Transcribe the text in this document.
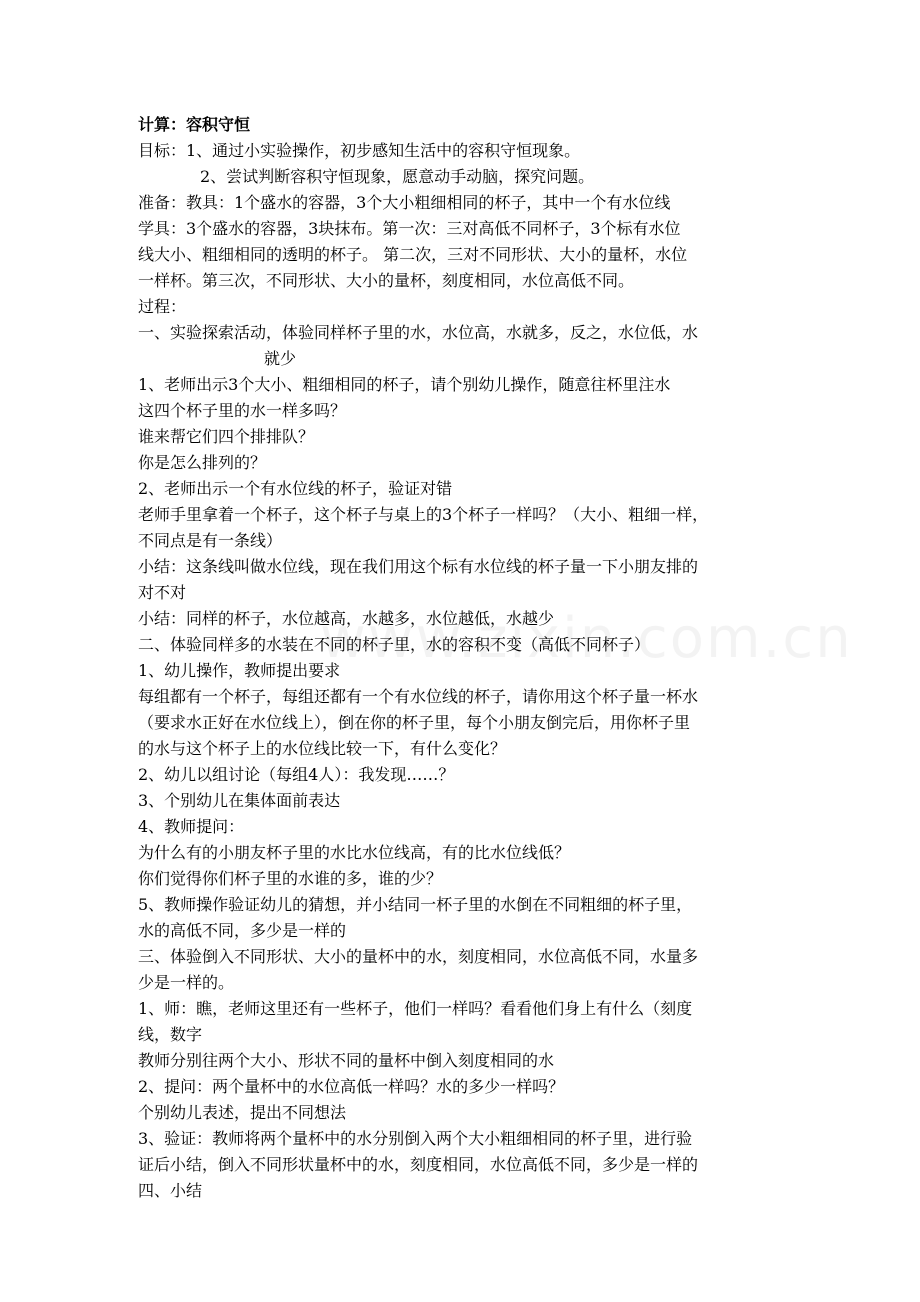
计算：容积守恒
目标：1、通过小实验操作，初步感知生活中的容积守恒现象。
2、尝试判断容积守恒现象，愿意动手动脑，探究问题。
准备：教具：1个盛水的容器，3个大小粗细相同的杯子，其中一个有水位线
学具：3个盛水的容器，3块抹布。第一次：三对高低不同杯子，3个标有水位
线大小、粗细相同的透明的杯子。 第二次，三对不同形状、大小的量杯，水位
一样杯。第三次，不同形状、大小的量杯，刻度相同，水位高低不同。
过程：
一、实验探索活动，体验同样杯子里的水，水位高，水就多，反之，水位低，水
就少
1、老师出示3个大小、粗细相同的杯子，请个别幼儿操作，随意往杯里注水
这四个杯子里的水一样多吗？
谁来帮它们四个排排队？
你是怎么排列的？
2、老师出示一个有水位线的杯子，验证对错
老师手里拿着一个杯子，这个杯子与桌上的3个杯子一样吗？（大小、粗细一样，
不同点是有一条线）
小结：这条线叫做水位线，现在我们用这个标有水位线的杯子量一下小朋友排的
对不对
小结：同样的杯子，水位越高，水越多，水位越低，水越少
二、体验同样多的水装在不同的杯子里，水的容积不变（高低不同杯子）
1、幼儿操作，教师提出要求
每组都有一个杯子，每组还都有一个有水位线的杯子，请你用这个杯子量一杯水
（要求水正好在水位线上），倒在你的杯子里，每个小朋友倒完后，用你杯子里
的水与这个杯子上的水位线比较一下，有什么变化？
2、幼儿以组讨论（每组4人）：我发现……？
3、个别幼儿在集体面前表达
4、教师提问：
为什么有的小朋友杯子里的水比水位线高，有的比水位线低？
你们觉得你们杯子里的水谁的多，谁的少？
5、教师操作验证幼儿的猜想，并小结同一杯子里的水倒在不同粗细的杯子里，
水的高低不同，多少是一样的
三、体验倒入不同形状、大小的量杯中的水，刻度相同，水位高低不同，水量多
少是一样的。
1、师：瞧，老师这里还有一些杯子，他们一样吗？看看他们身上有什么（刻度
线，数字
教师分别往两个大小、形状不同的量杯中倒入刻度相同的水
2、提问：两个量杯中的水位高低一样吗？水的多少一样吗？
个别幼儿表述，提出不同想法
3、验证：教师将两个量杯中的水分别倒入两个大小粗细相同的杯子里，进行验
证后小结，倒入不同形状量杯中的水，刻度相同，水位高低不同，多少是一样的
四、小结
